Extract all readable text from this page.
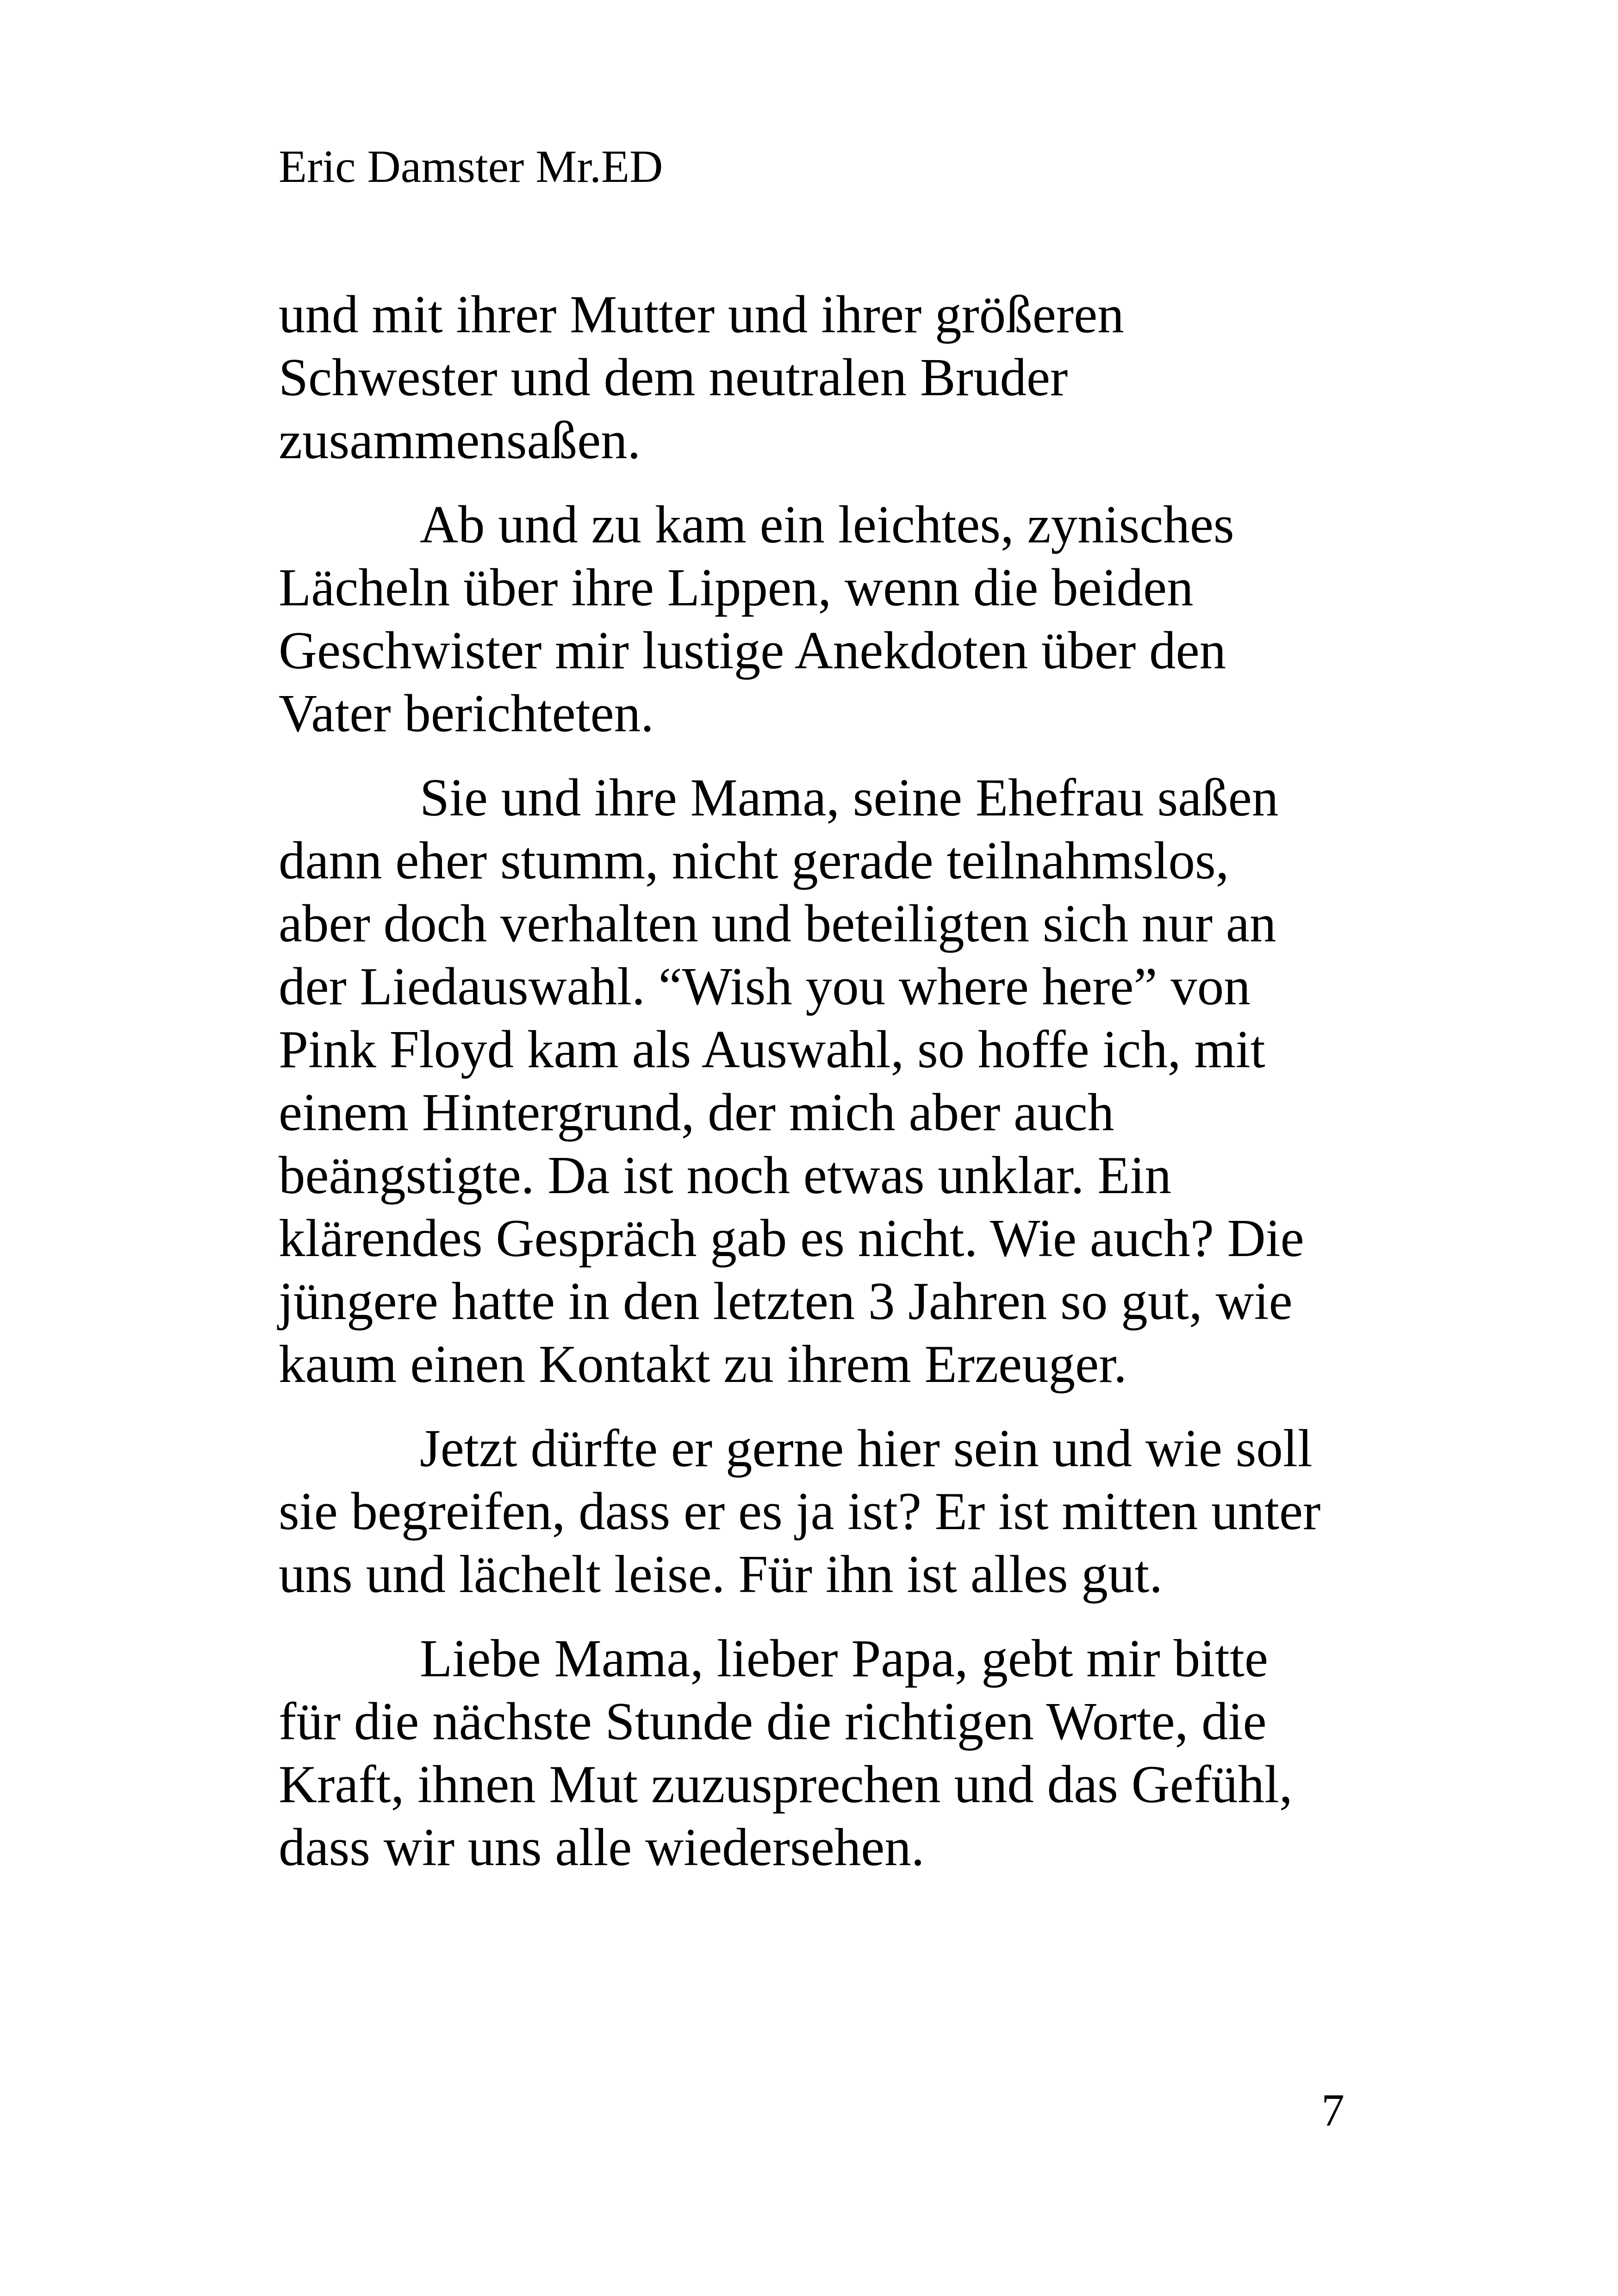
Eric Damster Mr.ED
und mit ihrer Mutter und ihrer größeren
Schwester und dem neutralen Bruder
zusammensaßen.
Ab und zu kam ein leichtes, zynisches
Lächeln über ihre Lippen, wenn die beiden
Geschwister mir lustige Anekdoten über den
Vater berichteten.
Sie und ihre Mama, seine Ehefrau saßen
dann eher stumm, nicht gerade teilnahmslos,
aber doch verhalten und beteiligten sich nur an
der Liedauswahl. “Wish you where here” von
Pink Floyd kam als Auswahl, so hoffe ich, mit
einem Hintergrund, der mich aber auch
beängstigte. Da ist noch etwas unklar. Ein
klärendes Gespräch gab es nicht. Wie auch? Die
jüngere hatte in den letzten 3 Jahren so gut, wie
kaum einen Kontakt zu ihrem Erzeuger.
Jetzt dürfte er gerne hier sein und wie soll
sie begreifen, dass er es ja ist? Er ist mitten unter
uns und lächelt leise. Für ihn ist alles gut.
Liebe Mama, lieber Papa, gebt mir bitte
für die nächste Stunde die richtigen Worte, die
Kraft, ihnen Mut zuzusprechen und das Gefühl,
dass wir uns alle wiedersehen.
7
